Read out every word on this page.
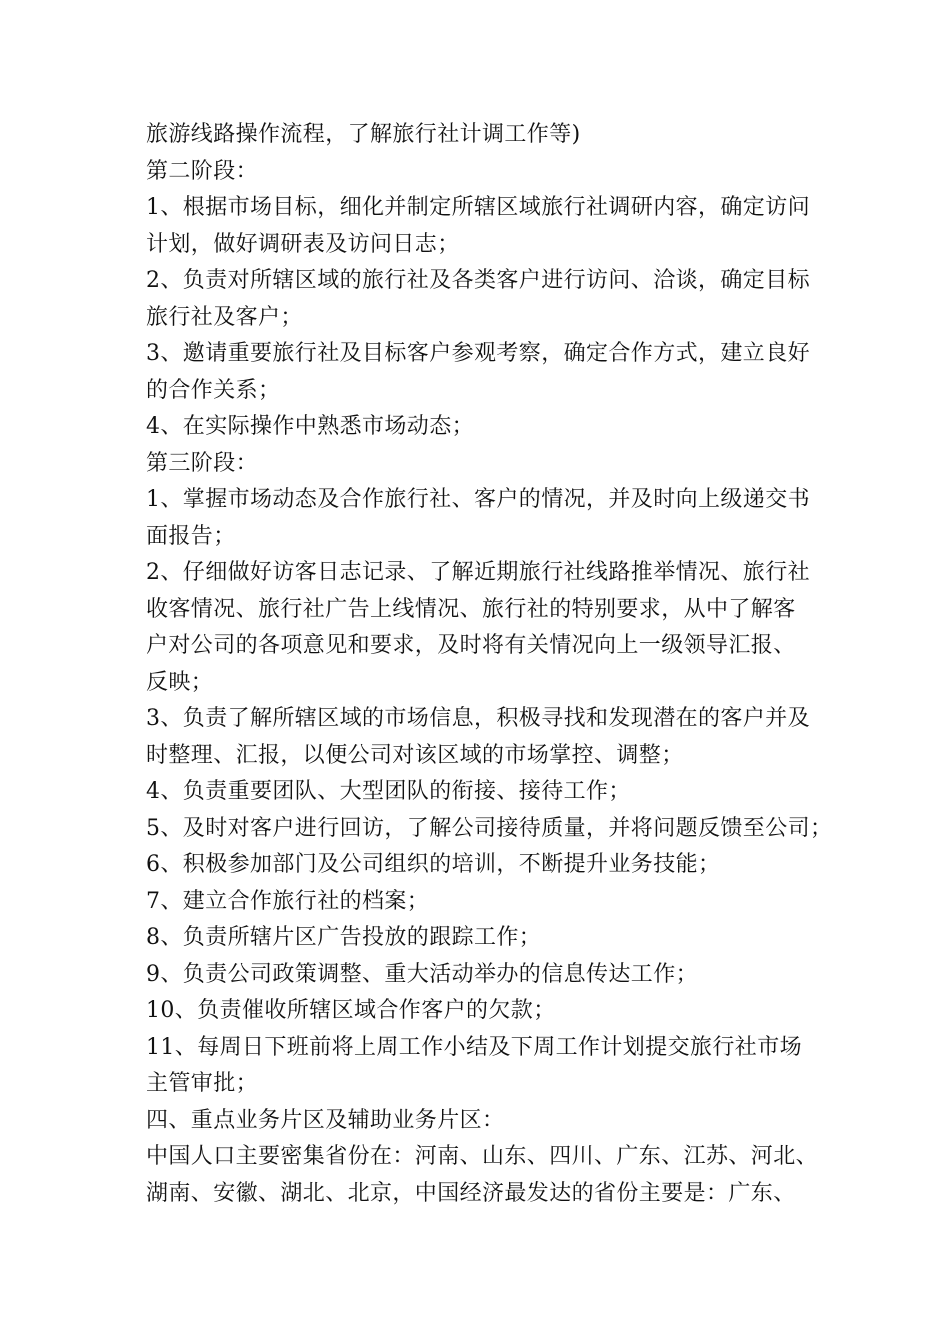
旅游线路操作流程，了解旅行社计调工作等)
第二阶段：
1、根据市场目标，细化并制定所辖区域旅行社调研内容，确定访问
计划，做好调研表及访问日志；
2、负责对所辖区域的旅行社及各类客户进行访问、洽谈，确定目标
旅行社及客户；
3、邀请重要旅行社及目标客户参观考察，确定合作方式，建立良好
的合作关系；
4、在实际操作中熟悉市场动态；
第三阶段：
1、掌握市场动态及合作旅行社、客户的情况，并及时向上级递交书
面报告；
2、仔细做好访客日志记录、了解近期旅行社线路推举情况、旅行社
收客情况、旅行社广告上线情况、旅行社的特别要求，从中了解客
户对公司的各项意见和要求，及时将有关情况向上一级领导汇报、
反映；
3、负责了解所辖区域的市场信息，积极寻找和发现潜在的客户并及
时整理、汇报，以便公司对该区域的市场掌控、调整；
4、负责重要团队、大型团队的衔接、接待工作；
5、及时对客户进行回访，了解公司接待质量，并将问题反馈至公司；
6、积极参加部门及公司组织的培训，不断提升业务技能；
7、建立合作旅行社的档案；
8、负责所辖片区广告投放的跟踪工作；
9、负责公司政策调整、重大活动举办的信息传达工作；
10、负责催收所辖区域合作客户的欠款；
11、每周日下班前将上周工作小结及下周工作计划提交旅行社市场
主管审批；
四、重点业务片区及辅助业务片区：
中国人口主要密集省份在：河南、山东、四川、广东、江苏、河北、
湖南、安徽、湖北、北京，中国经济最发达的省份主要是：广东、
